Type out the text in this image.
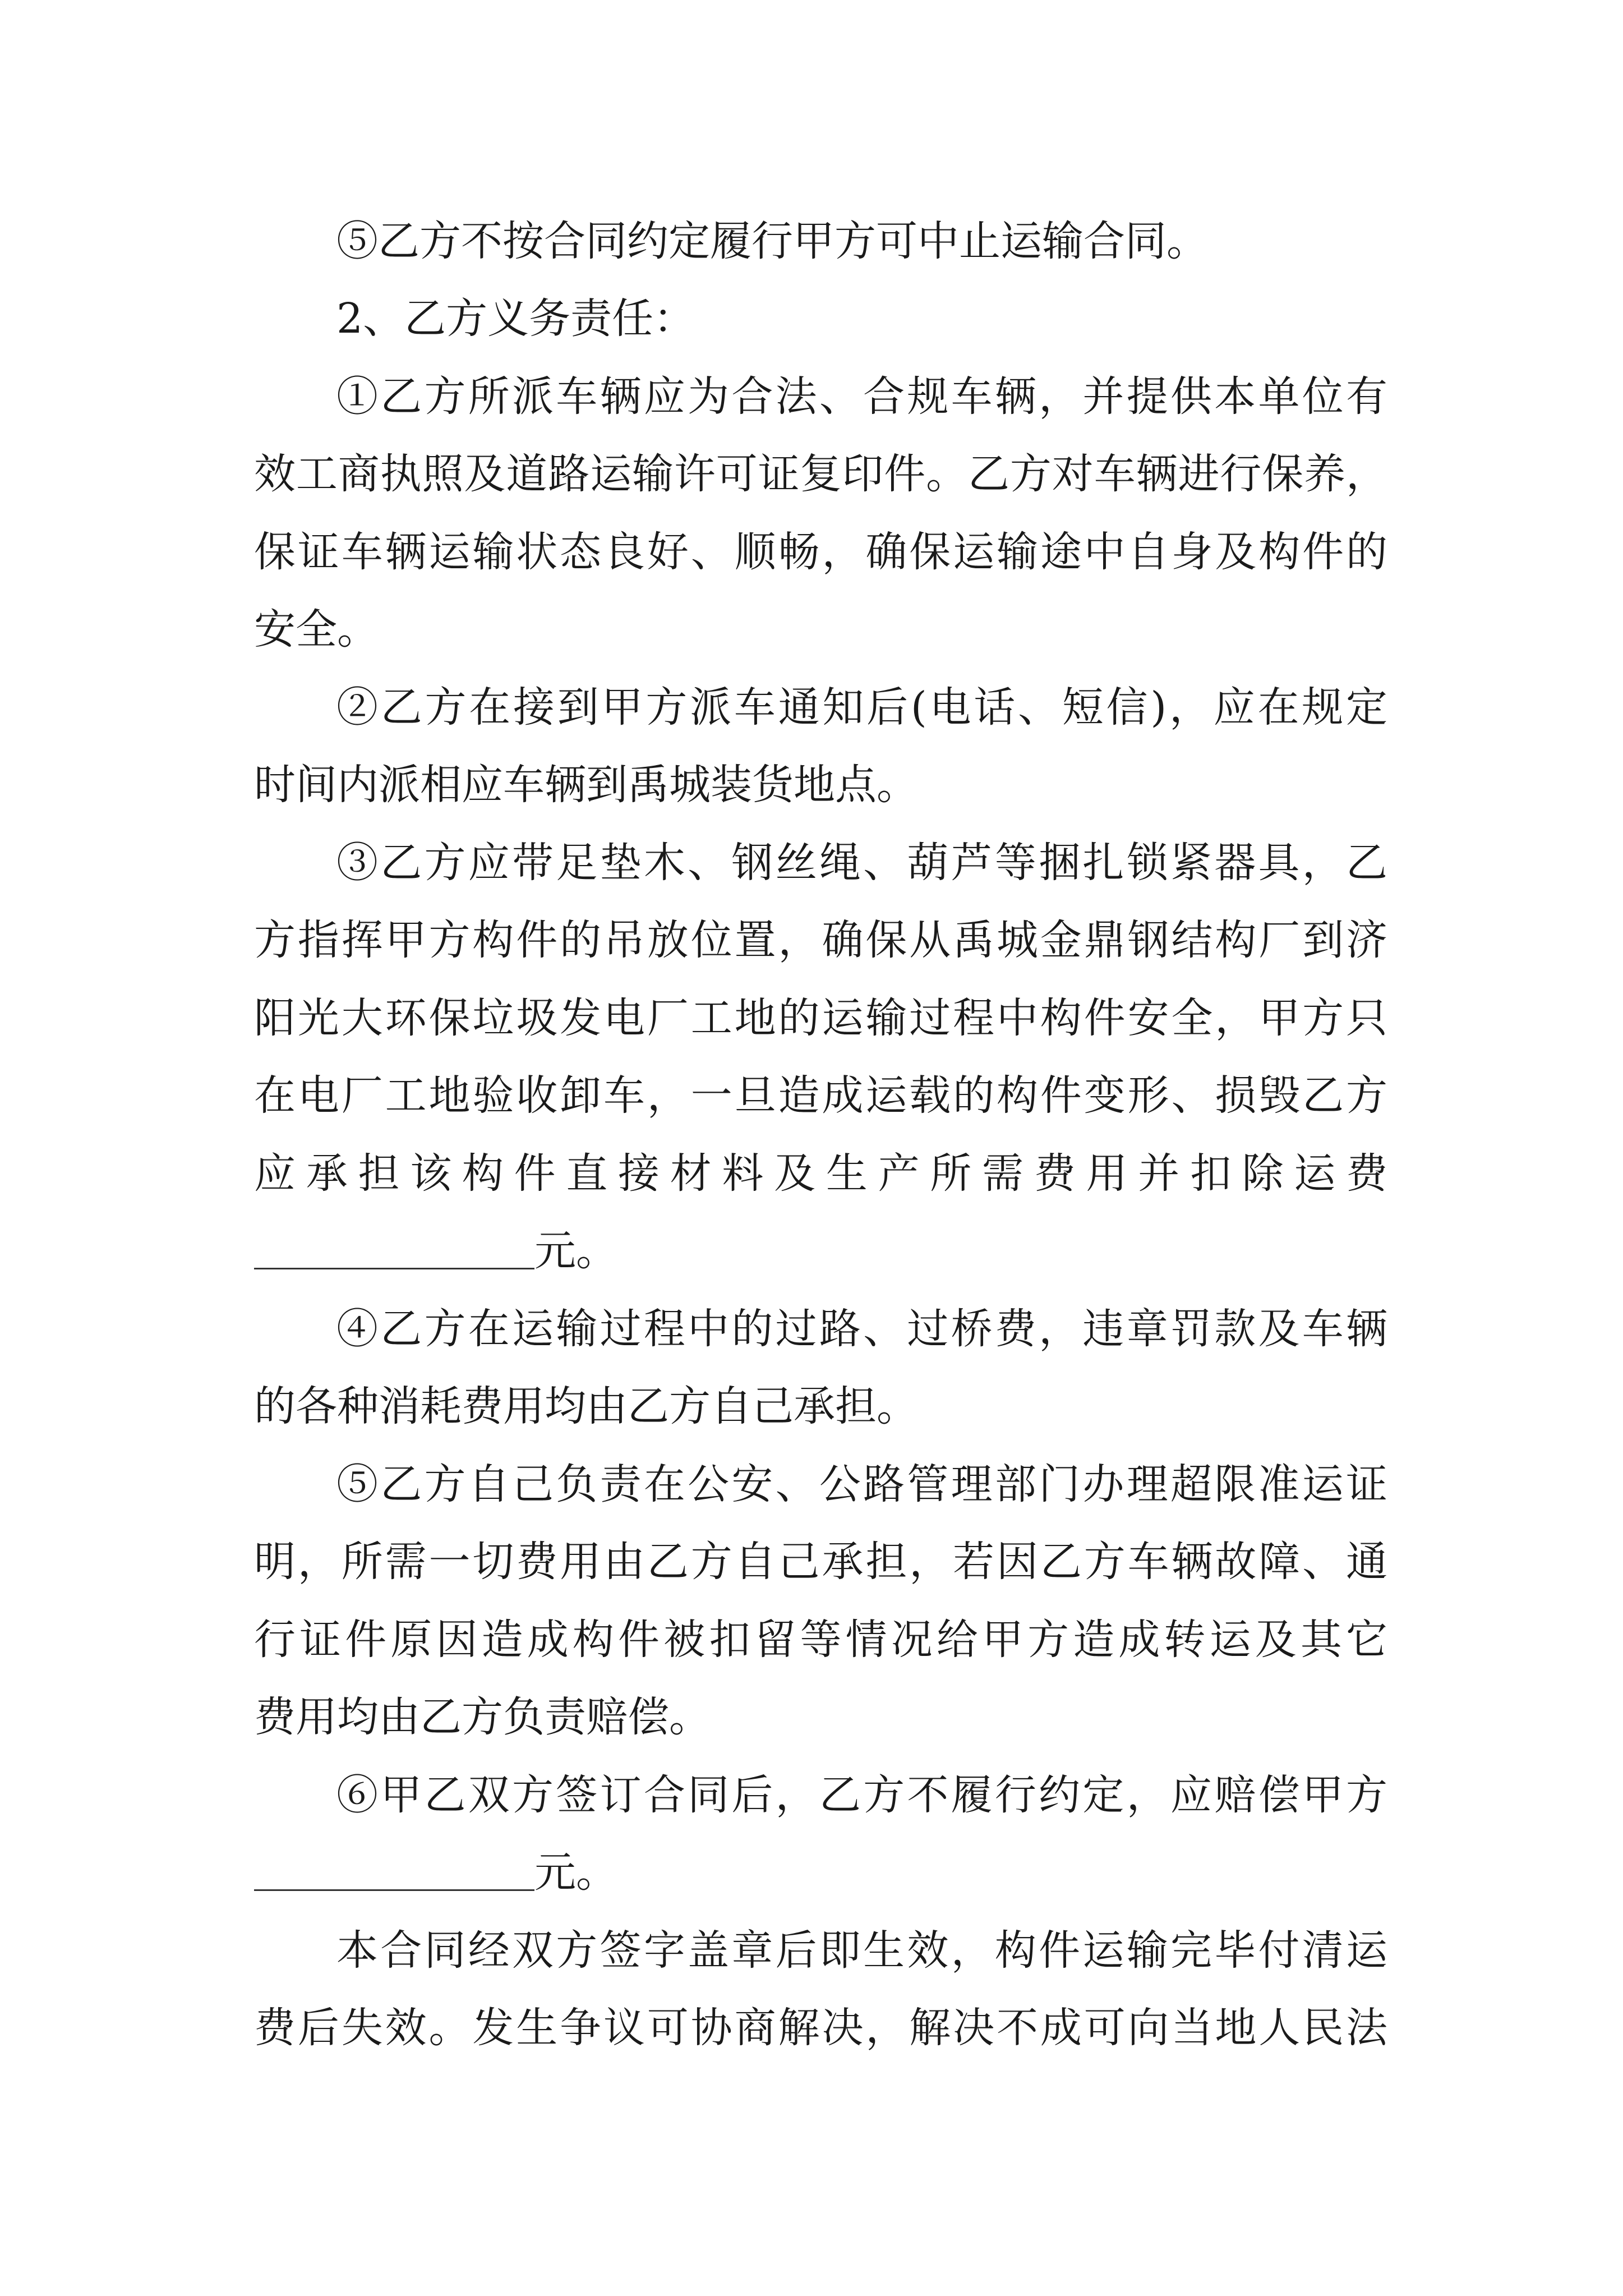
⑤乙方不按合同约定履行甲方可中止运输合同。
2、乙方义务责任：
①乙方所派车辆应为合法、合规车辆，并提供本单位有
效工商执照及道路运输许可证复印件。乙方对车辆进行保养，
保证车辆运输状态良好、顺畅，确保运输途中自身及构件的
安全。
②乙方在接到甲方派车通知后(电话、短信)，应在规定
时间内派相应车辆到禹城装货地点。
③乙方应带足垫木、钢丝绳、葫芦等捆扎锁紧器具，乙
方指挥甲方构件的吊放位置，确保从禹城金鼎钢结构厂到济
阳光大环保垃圾发电厂工地的运输过程中构件安全，甲方只
在电厂工地验收卸车，一旦造成运载的构件变形、损毁乙方
应承担该构件直接材料及生产所需费用并扣除运费
元。
④乙方在运输过程中的过路、过桥费，违章罚款及车辆
的各种消耗费用均由乙方自己承担。
⑤乙方自己负责在公安、公路管理部门办理超限准运证
明，所需一切费用由乙方自己承担，若因乙方车辆故障、通
行证件原因造成构件被扣留等情况给甲方造成转运及其它
费用均由乙方负责赔偿。
⑥甲乙双方签订合同后，乙方不履行约定，应赔偿甲方
元。
本合同经双方签字盖章后即生效，构件运输完毕付清运
费后失效。发生争议可协商解决，解决不成可向当地人民法
